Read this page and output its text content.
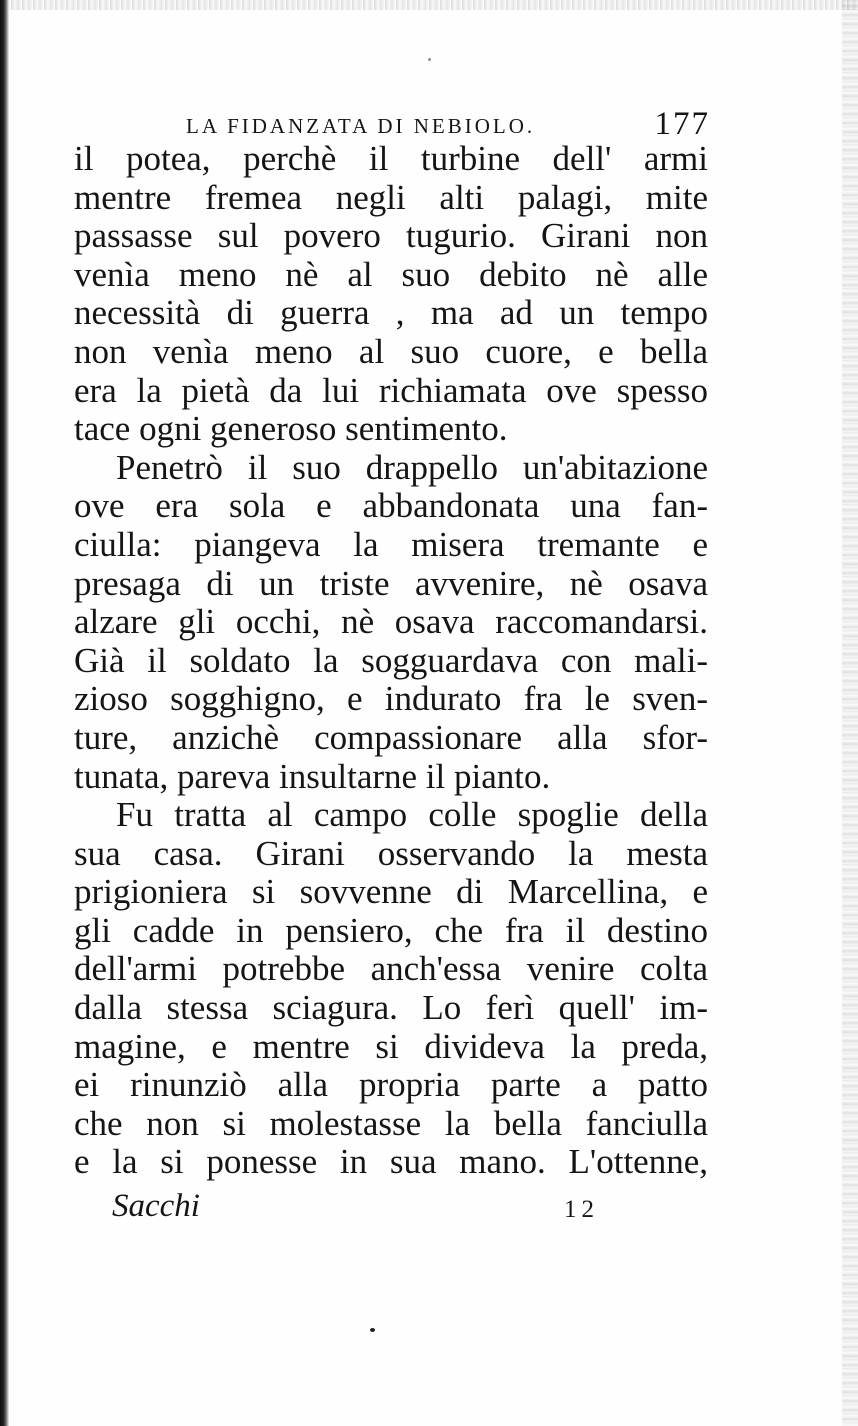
LA FIDANZATA DI NEBIOLO.	177
il potea, perchè il turbine dell' armi
mentre fremea negli alti palagi, mite
passasse sul povero tugurio. Girani non
venìa meno nè al suo debito nè alle
necessità di guerra , ma ad un tempo
non venìa meno al suo cuore, e bella
era la pietà da lui richiamata ove spesso
tace ogni generoso sentimento.
Penetrò il suo drappello un'abitazione
ove era sola e abbandonata una fan-
ciulla: piangeva la misera tremante e
presaga di un triste avvenire, nè osava
alzare gli occhi, nè osava raccomandarsi.
Già il soldato la sogguardava con mali-
zioso sogghigno, e indurato fra le sven-
ture, anzichè compassionare alla sfor-
tunata, pareva insultarne il pianto.
Fu tratta al campo colle spoglie della
sua casa. Girani osservando la mesta
prigioniera si sovvenne di Marcellina, e
gli cadde in pensiero, che fra il destino
dell'armi potrebbe anch'essa venire colta
dalla stessa sciagura. Lo ferì quell' im-
magine, e mentre si divideva la preda,
ei rinunziò alla propria parte a patto
che non si molestasse la bella fanciulla
e la si ponesse in sua mano. L'ottenne,
Sacchi	12
